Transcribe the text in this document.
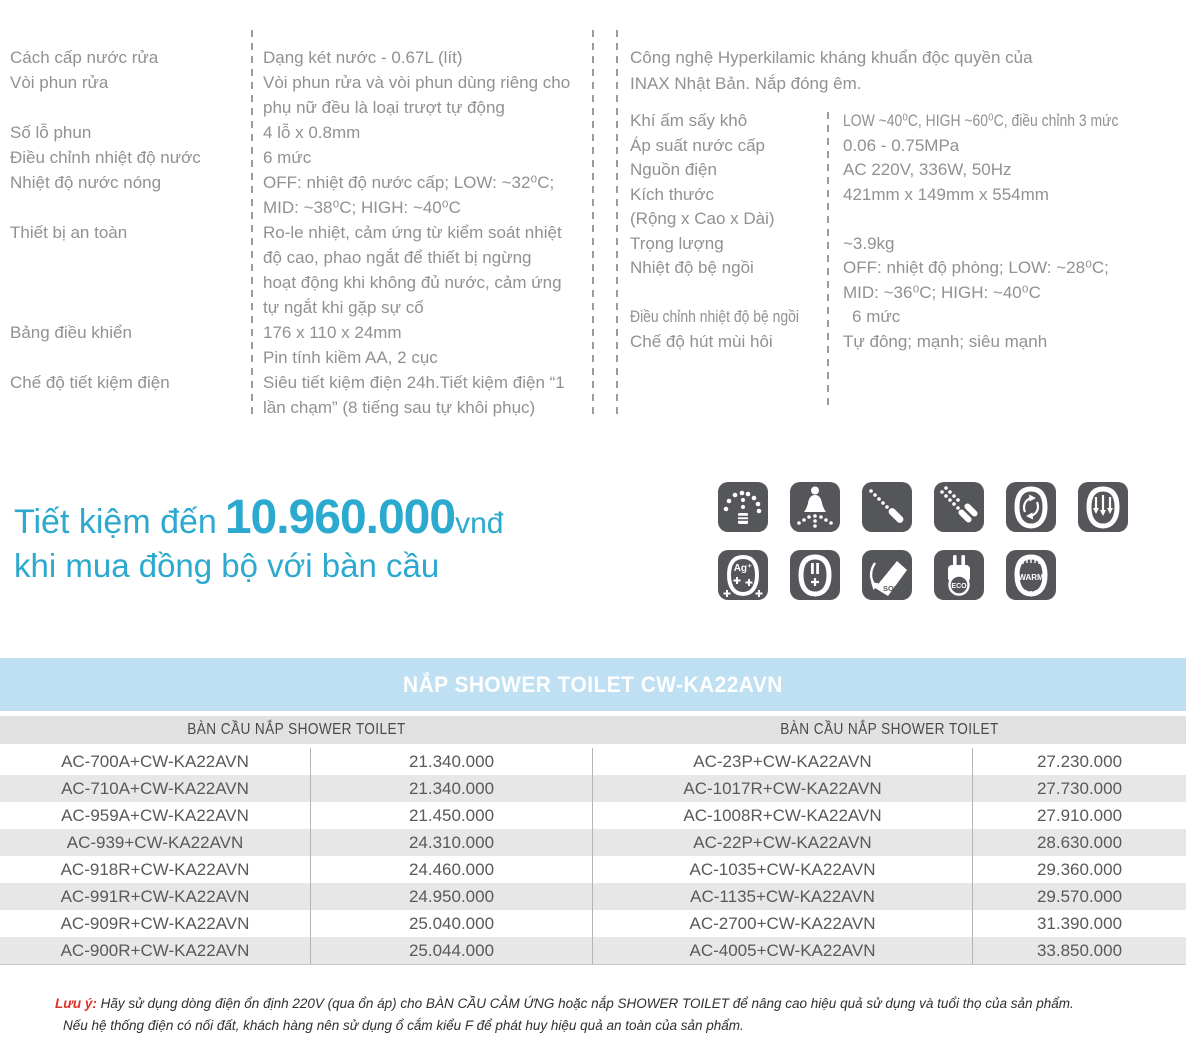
Cách cấp nước rửa	Dạng két nước - 0.67L (lít)
Vòi phun rửa	Vòi phun rửa và vòi phun dùng riêng cho
phụ nữ đều là loại trượt tự động
Số lỗ phun	4 lỗ x 0.8mm
Điều chỉnh nhiệt độ nước	6 mức
Nhiệt độ nước nóng	OFF: nhiệt độ nước cấp; LOW: ~32⁰C;
MID: ~38⁰C; HIGH: ~40⁰C
Thiết bị an toàn	Ro-le nhiệt, cảm ứng từ kiểm soát nhiệt
độ cao, phao ngắt để thiết bị ngừng
hoạt động khi không đủ nước, cảm ứng
tự ngắt khi gặp sự cố
Bảng điều khiển	176 x 110 x 24mm
Pin tính kiềm AA, 2 cục
Chế độ tiết kiệm điện	Siêu tiết kiệm điện 24h.Tiết kiệm điện “1
lần chạm” (8 tiếng sau tự khôi phục)
Công nghệ Hyperkilamic kháng khuẩn độc quyền của
INAX Nhật Bản. Nắp đóng êm.
Khí ấm sấy khô	LOW ~40⁰C, HIGH ~60⁰C, điều chỉnh 3 mức
Áp suất nước cấp	0.06 - 0.75MPa
Nguồn điện	AC 220V, 336W, 50Hz
Kích thước	421mm x 149mm x 554mm
(Rộng x Cao x Dài)
Trọng lượng	~3.9kg
Nhiệt độ bệ ngồi	OFF: nhiệt độ phòng; LOW: ~28⁰C;
MID: ~36⁰C; HIGH: ~40⁰C
Điều chỉnh nhiệt độ bệ ngồi	6 mức
Chế độ hút mùi hôi	Tự đông; mạnh; siêu mạnh
Tiết kiệm đến 10.960.000 vnđ
khi mua đồng bộ với bàn cầu	Ag⁺
SOFT	ECO
WARM
NẮP SHOWER TOILET CW-KA22AVN
BÀN CẦU NẮP SHOWER TOILET	BÀN CẦU NẮP SHOWER TOILET
AC-700A+CW-KA22AVN	21.340.000	AC-23P+CW-KA22AVN	27.230.000
AC-710A+CW-KA22AVN	21.340.000	AC-1017R+CW-KA22AVN	27.730.000
AC-959A+CW-KA22AVN	21.450.000	AC-1008R+CW-KA22AVN	27.910.000
AC-939+CW-KA22AVN	24.310.000	AC-22P+CW-KA22AVN	28.630.000
AC-918R+CW-KA22AVN	24.460.000	AC-1035+CW-KA22AVN	29.360.000
AC-991R+CW-KA22AVN	24.950.000	AC-1135+CW-KA22AVN	29.570.000
AC-909R+CW-KA22AVN	25.040.000	AC-2700+CW-KA22AVN	31.390.000
AC-900R+CW-KA22AVN	25.044.000	AC-4005+CW-KA22AVN	33.850.000
Lưu ý: Hãy sử dụng dòng điện ổn định 220V (qua ổn áp) cho BÀN CẦU CẢM ỨNG hoặc nắp SHOWER TOILET để nâng cao hiệu quả sử dụng và tuổi thọ của sản phẩm.
Nếu hệ thống điện có nối đất, khách hàng nên sử dụng ổ cắm kiểu F để phát huy hiệu quả an toàn của sản phẩm.
